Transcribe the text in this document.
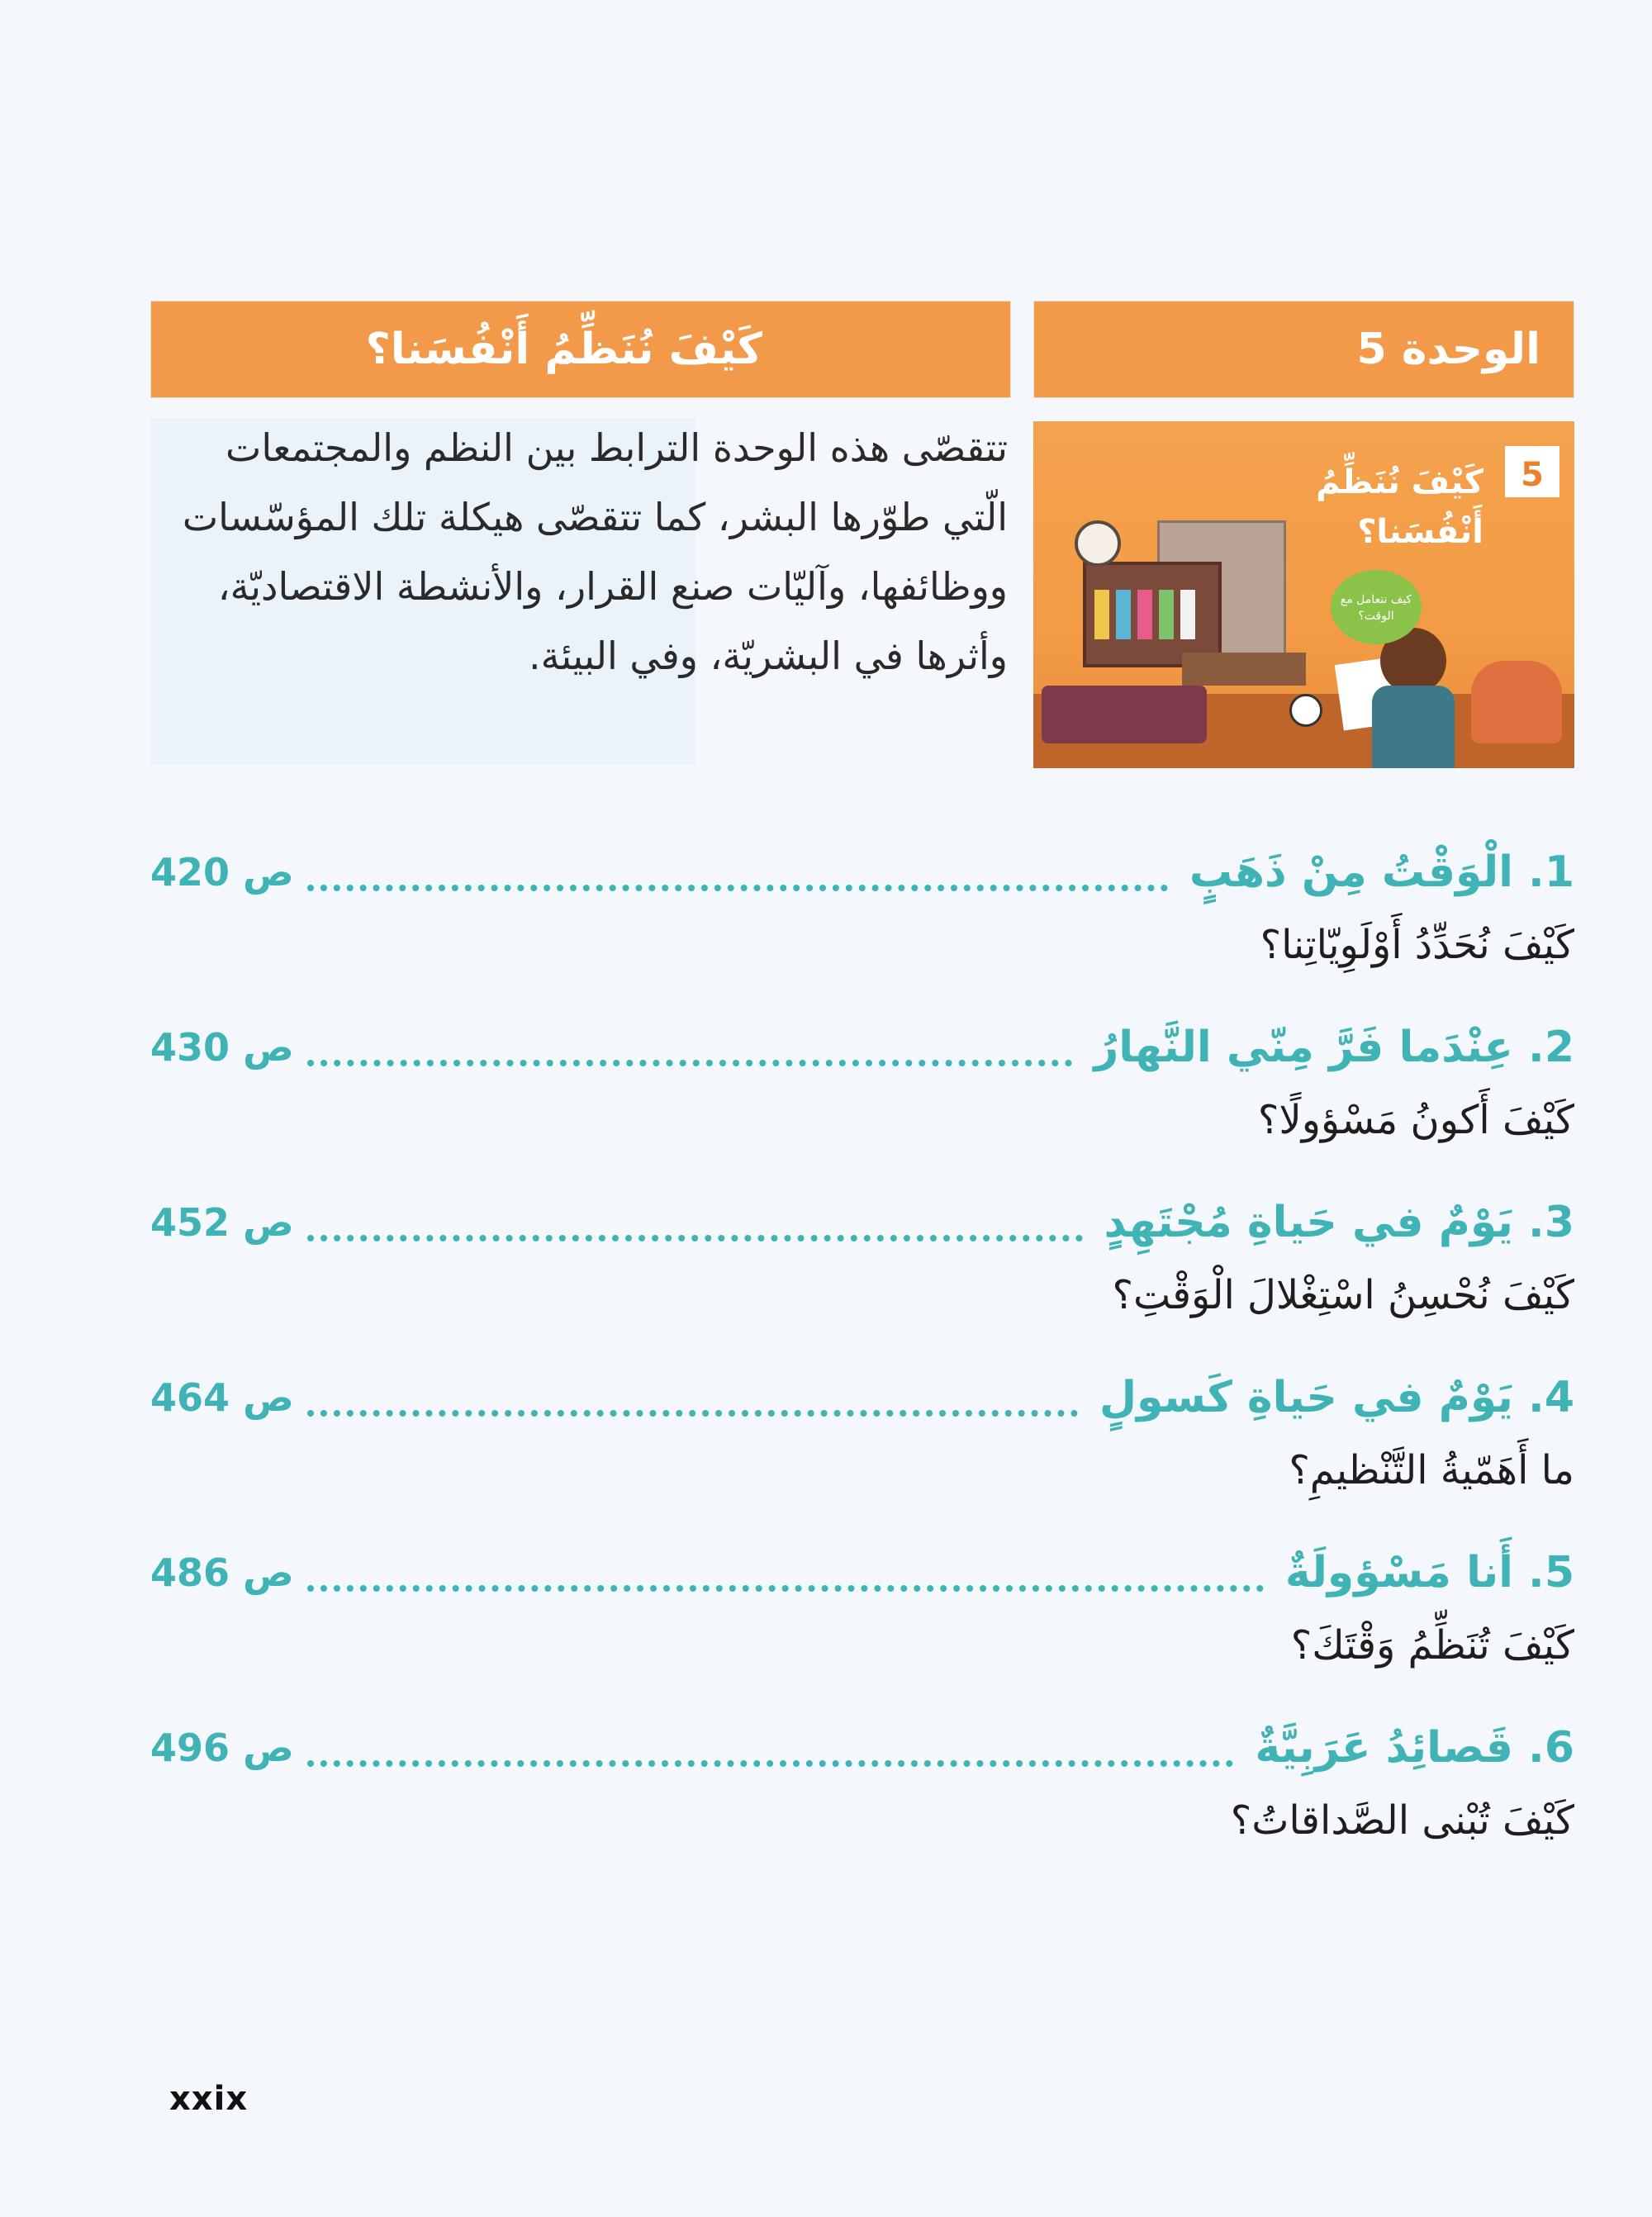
كَيْفَ نُنَظِّمُ أَنْفُسَنا؟	الوحدة 5
تتقصّى هذه الوحدة الترابط بين النظم والمجتمعات الّتي طوّرها البشر، كما تتقصّى هيكلة تلك المؤسّسات ووظائفها، وآليّات صنع القرار، والأنشطة الاقتصاديّة، وأثرها في البشريّة، وفي البيئة.
كيف نتعامل مع الوقت؟
5
كَيْفَ نُنَظِّمُ أَنْفُسَنا؟
1. الْوَقْتُ مِنْ ذَهَبٍ
ص 420
كَيْفَ نُحَدِّدُ أَوْلَوِيّاتِنا؟
2. عِنْدَما فَرَّ مِنّي النَّهارُ
ص 430
كَيْفَ أَكونُ مَسْؤولًا؟
3. يَوْمٌ في حَياةِ مُجْتَهِدٍ
ص 452
كَيْفَ نُحْسِنُ اسْتِغْلالَ الْوَقْتِ؟
4. يَوْمٌ في حَياةِ كَسولٍ
ص 464
ما أَهَمّيةُ التَّنْظيمِ؟
5. أَنا مَسْؤولَةٌ
ص 486
كَيْفَ تُنَظِّمُ وَقْتَكَ؟
6. قَصائِدُ عَرَبِيَّةٌ
ص 496
كَيْفَ تُبْنى الصَّداقاتُ؟
xxix
